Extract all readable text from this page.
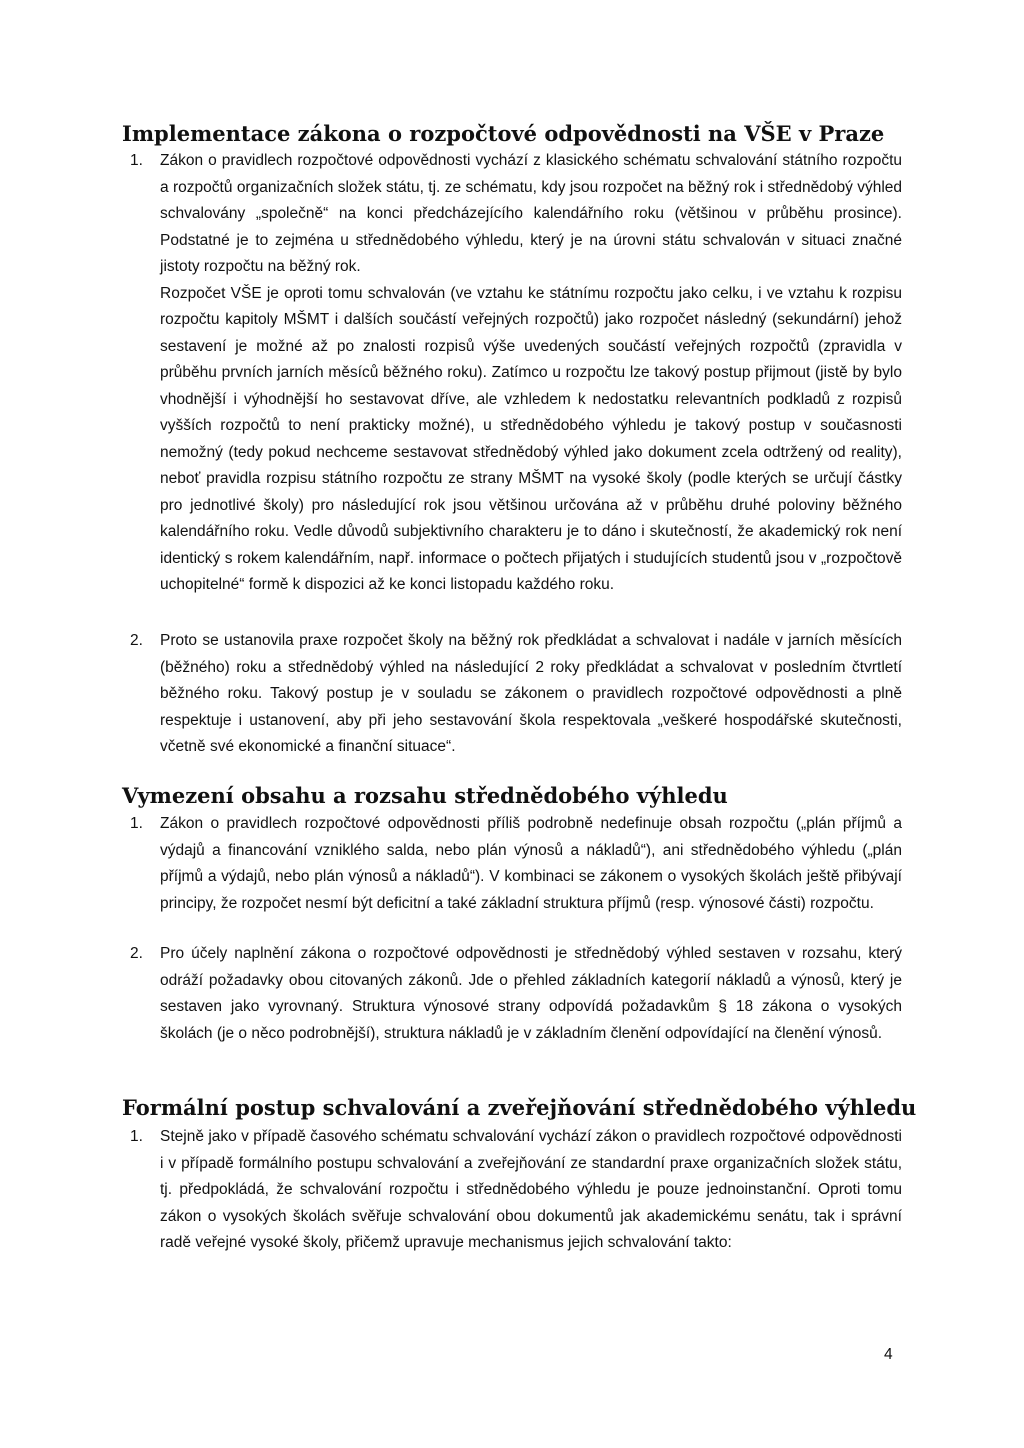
Implementace zákona o rozpočtové odpovědnosti na VŠE v Praze
1. Zákon o pravidlech rozpočtové odpovědnosti vychází z klasického schématu schvalování státního rozpočtu a rozpočtů organizačních složek státu, tj. ze schématu, kdy jsou rozpočet na běžný rok i střednědobý výhled schvalovány „společně“ na konci předcházejícího kalendářního roku (většinou v průběhu prosince). Podstatné je to zejména u střednědobého výhledu, který je na úrovni státu schvalován v situaci značné jistoty rozpočtu na běžný rok.

Rozpočet VŠE je oproti tomu schvalován (ve vztahu ke státnímu rozpočtu jako celku, i ve vztahu k rozpisu rozpočtu kapitoly MŠMT i dalších součástí veřejných rozpočtů) jako rozpočet následný (sekundární) jehož sestavení je možné až po znalosti rozpisů výše uvedených součástí veřejných rozpočtů (zpravidla v průběhu prvních jarních měsíců běžného roku). Zatímco u rozpočtu lze takový postup přijmout (jistě by bylo vhodnější i výhodnější ho sestavovat dříve, ale vzhledem k nedostatku relevantních podkladů z rozpisů vyšších rozpočtů to není prakticky možné), u střednědobého výhledu je takový postup v současnosti nemožný (tedy pokud nechceme sestavovat střednědobý výhled jako dokument zcela odtržený od reality), neboť pravidla rozpisu státního rozpočtu ze strany MŠMT na vysoké školy (podle kterých se určují částky pro jednotlivé školy) pro následující rok jsou většinou určována až v průběhu druhé poloviny běžného kalendářního roku. Vedle důvodů subjektivního charakteru je to dáno i skutečností, že akademický rok není identický s rokem kalendářním, např. informace o počtech přijatých i studujících studentů jsou v „rozpočtově uchopitelné“ formě k dispozici až ke konci listopadu každého roku.

2. Proto se ustanovila praxe rozpočet školy na běžný rok předkládat a schvalovat i nadále v jarních měsících (běžného) roku a střednědobý výhled na následující 2 roky předkládat a schvalovat v posledním čtvrtletí běžného roku. Takový postup je v souladu se zákonem o pravidlech rozpočtové odpovědnosti a plně respektuje i ustanovení, aby při jeho sestavování škola respektovala „veškeré hospodářské skutečnosti, včetně své ekonomické a finanční situace“.

Vymezení obsahu a rozsahu střednědobého výhledu
1. Zákon o pravidlech rozpočtové odpovědnosti příliš podrobně nedefinuje obsah rozpočtu („plán příjmů a výdajů a financování vzniklého salda, nebo plán výnosů a nákladů“), ani střednědobého výhledu („plán příjmů a výdajů, nebo plán výnosů a nákladů“). V kombinaci se zákonem o vysokých školách ještě přibývají principy, že rozpočet nesmí být deficitní a také základní struktura příjmů (resp. výnosové části) rozpočtu.

2. Pro účely naplnění zákona o rozpočtové odpovědnosti je střednědobý výhled sestaven v rozsahu, který odráží požadavky obou citovaných zákonů. Jde o přehled základních kategorií nákladů a výnosů, který je sestaven jako vyrovnaný. Struktura výnosové strany odpovídá požadavkům § 18 zákona o vysokých školách (je o něco podrobnější), struktura nákladů je v základním členění odpovídající na členění výnosů.

Formální postup schvalování a zveřejňování střednědobého výhledu
1. Stejně jako v případě časového schématu schvalování vychází zákon o pravidlech rozpočtové odpovědnosti i v případě formálního postupu schvalování a zveřejňování ze standardní praxe organizačních složek státu, tj. předpokládá, že schvalování rozpočtu i střednědobého výhledu je pouze jednoinstanční. Oproti tomu zákon o vysokých školách svěřuje schvalování obou dokumentů jak akademickému senátu, tak i správní radě veřejné vysoké školy, přičemž upravuje mechanismus jejich schvalování takto:

4
